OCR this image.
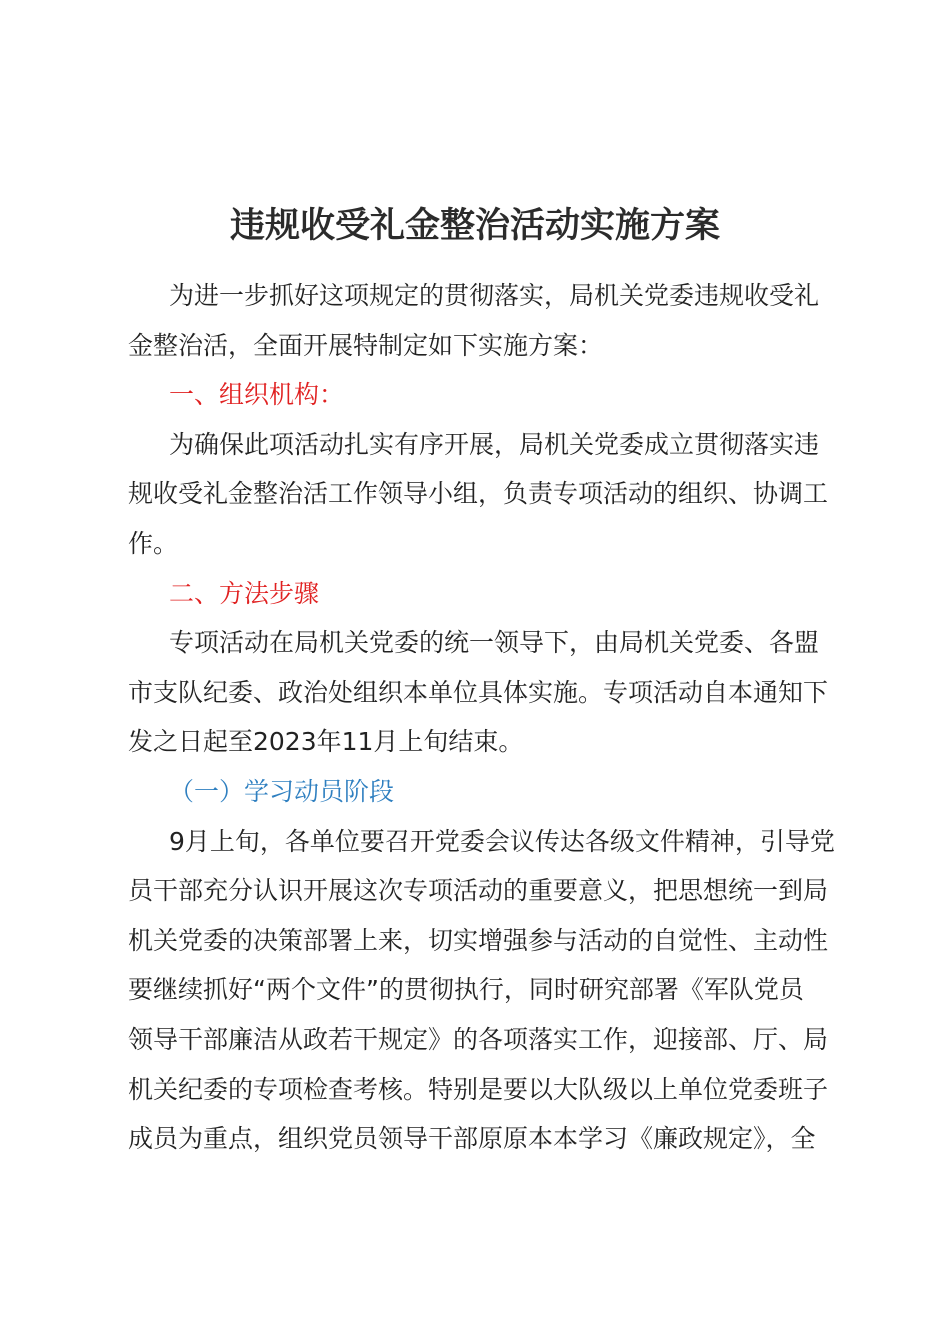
违规收受礼金整治活动实施方案
为进一步抓好这项规定的贯彻落实，局机关党委违规收受礼
金整治活，全面开展特制定如下实施方案：
一、组织机构：
为确保此项活动扎实有序开展，局机关党委成立贯彻落实违
规收受礼金整治活工作领导小组，负责专项活动的组织、协调工
作。
二、方法步骤
专项活动在局机关党委的统一领导下，由局机关党委、各盟
市支队纪委、政治处组织本单位具体实施。专项活动自本通知下
发之日起至2023年11月上旬结束。
（一）学习动员阶段
9月上旬，各单位要召开党委会议传达各级文件精神，引导党
员干部充分认识开展这次专项活动的重要意义，把思想统一到局
机关党委的决策部署上来，切实增强参与活动的自觉性、主动性
要继续抓好“两个文件”的贯彻执行，同时研究部署《军队党员
领导干部廉洁从政若干规定》的各项落实工作，迎接部、厅、局
机关纪委的专项检查考核。特别是要以大队级以上单位党委班子
成员为重点，组织党员领导干部原原本本学习《廉政规定》，全
